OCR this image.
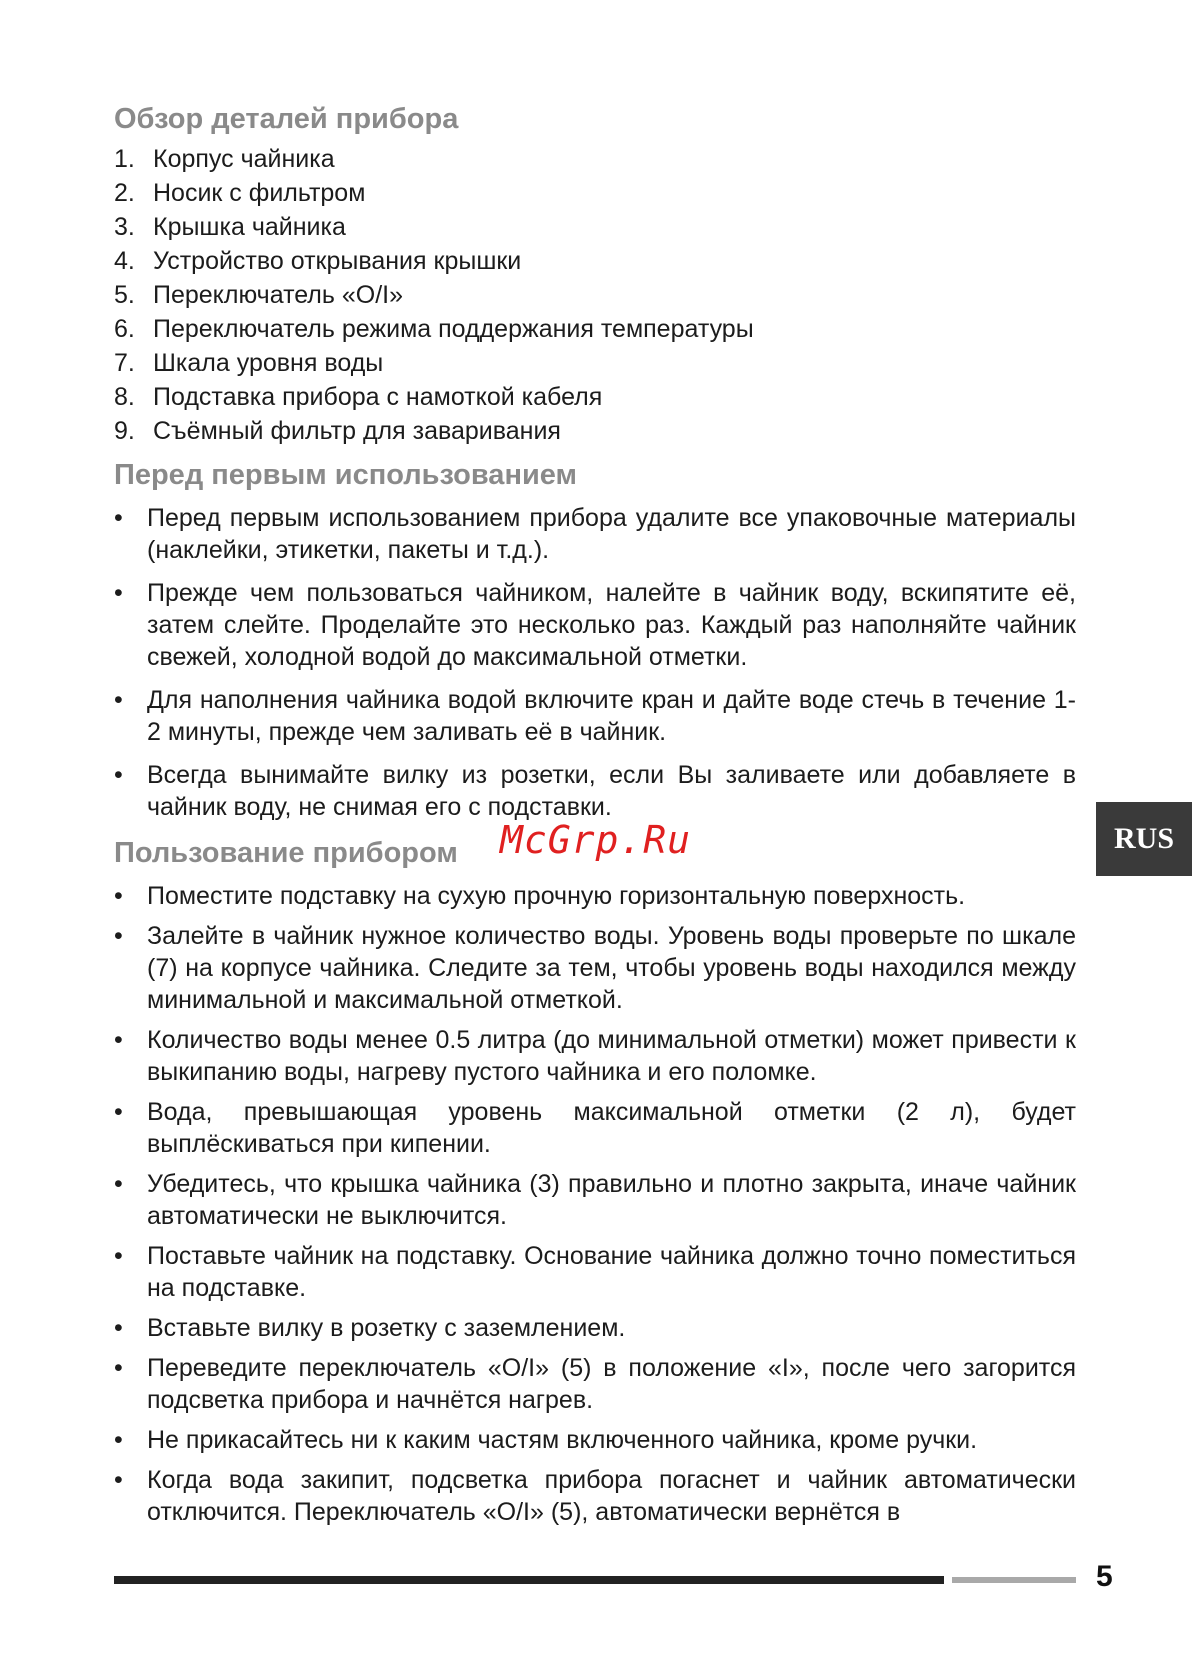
Обзор деталей прибора
1. Корпус чайника
2. Носик с фильтром
3. Крышка чайника
4. Устройство открывания крышки
5. Переключатель «O/I»
6. Переключатель режима поддержания температуры
7. Шкала уровня воды
8. Подставка прибора с намоткой кабеля
9. Съёмный фильтр для заваривания
Перед первым использованием
• Перед первым использованием прибора удалите все упаковочные материалы (наклейки, этикетки, пакеты и т.д.).
• Прежде чем пользоваться чайником, налейте в чайник воду, вскипятите её, затем слейте. Проделайте это несколько раз. Каждый раз наполняйте чайник свежей, холодной водой до максимальной отметки.
• Для наполнения чайника водой включите кран и дайте воде стечь в течение 1-2 минуты, прежде чем заливать её в чайник.
• Всегда вынимайте вилку из розетки, если Вы заливаете или добавляете в чайник воду, не снимая его с подставки.
Пользование прибором
• Поместите подставку на сухую прочную горизонтальную поверхность.
• Залейте в чайник нужное количество воды. Уровень воды проверьте по шкале (7) на корпусе чайника. Следите за тем, чтобы уровень воды находился между минимальной и максимальной отметкой.
• Количество воды менее 0.5 литра (до минимальной отметки) может привести к выкипанию воды, нагреву пустого чайника и его поломке.
• Вода, превышающая уровень максимальной отметки (2 л), будет выплёскиваться при кипении.
• Убедитесь, что крышка чайника (3) правильно и плотно закрыта, иначе чайник автоматически не выключится.
• Поставьте чайник на подставку. Основание чайника должно точно поместиться на подставке.
• Вставьте вилку в розетку с заземлением.
• Переведите переключатель «O/I» (5) в положение «I», после чего загорится подсветка прибора и начнётся нагрев.
• Не прикасайтесь ни к каким частям включенного чайника, кроме ручки.
• Когда вода закипит, подсветка прибора погаснет и чайник автоматически отключится. Переключатель «O/I» (5), автоматически вернётся в
McGrp.Ru	RUS
5
